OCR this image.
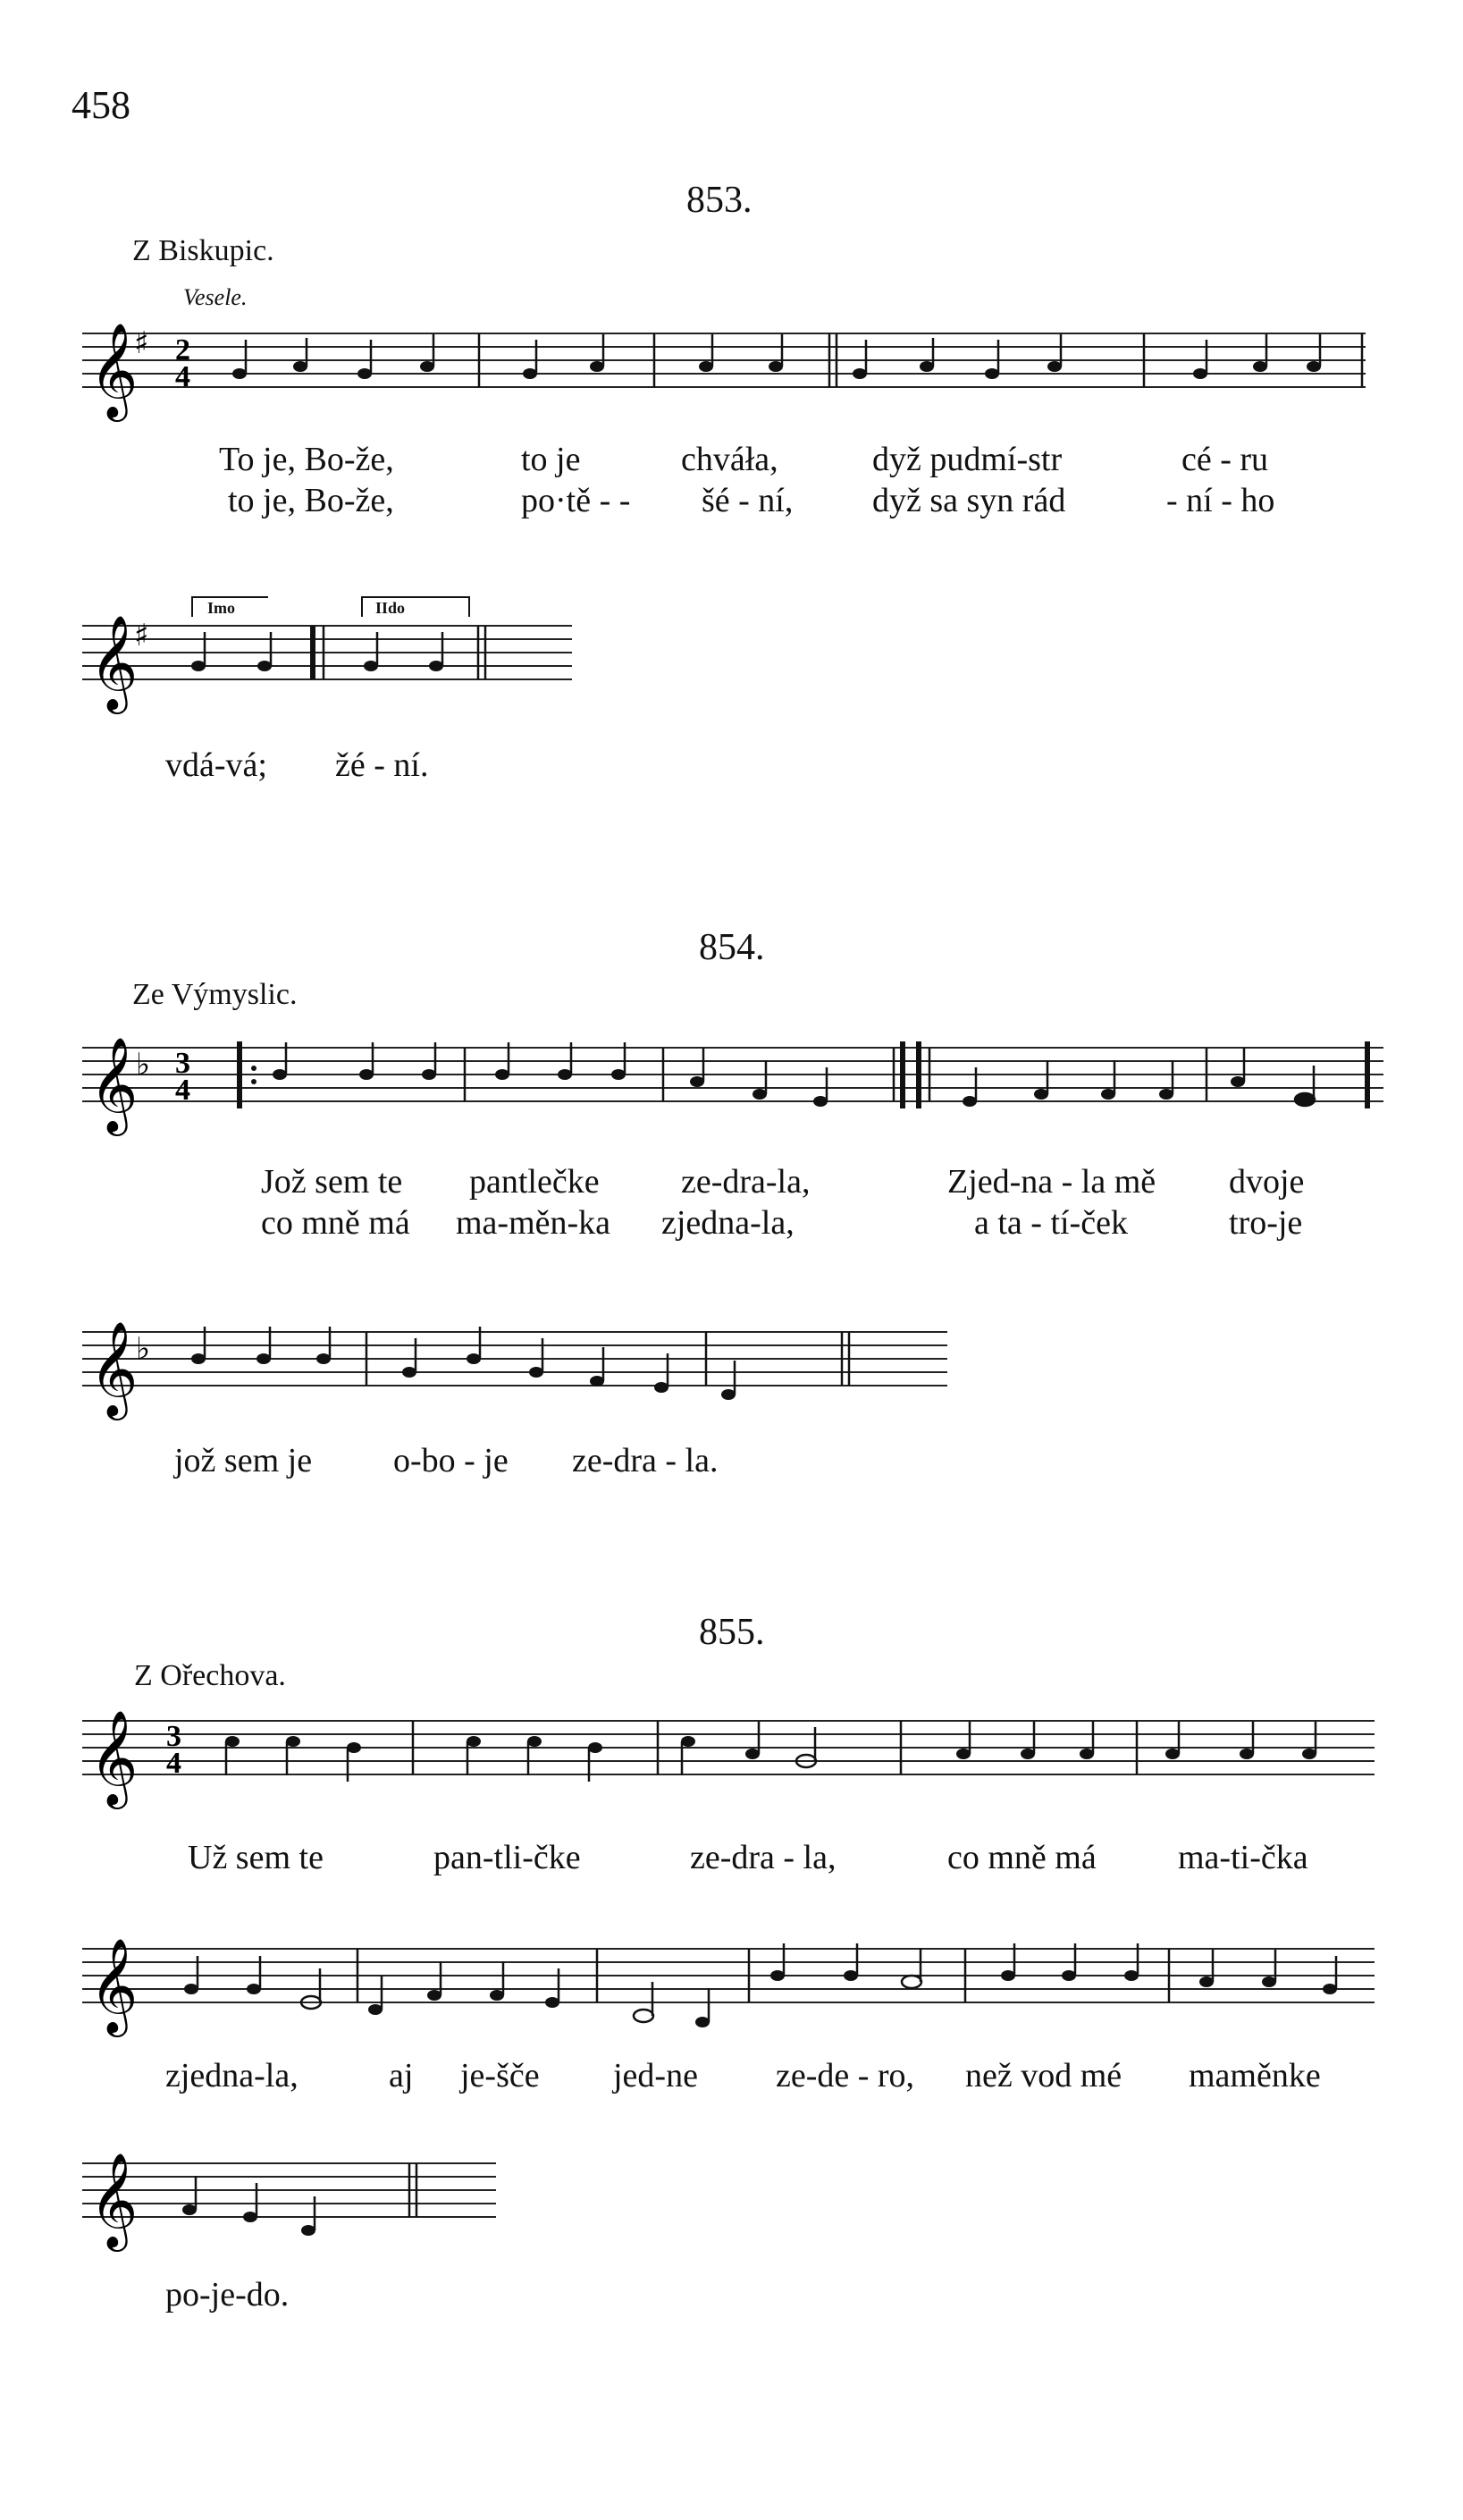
458
853.
Z Biskupic.
Vesele.
𝄞
♯ 2
4
𝄞
♯
Imo	IIdo
To je, Bo-že,
to je, Bo-že,
to je
po·tě - -
chváła,
šé - ní,
dyž pudmí-str
dyž sa syn rád
cé - ru
- ní - ho
vdá-vá; žé - ní.
854.
Ze Výmyslic.
𝄞
♭ 3
4
𝄞
♭
Jož sem te
co mně má
pantlečke
ma-měn-ka
ze-dra-la,
zjedna-la,
Zjed-na - la mě
a ta - tí-ček
dvoje
tro-je
jož sem je o-bo - je ze-dra - la.
855.
Z Ořechova.
𝄞 3
4
𝄞
𝄞
Už sem te	pan-tli-čke	ze-dra - la,	co mně má ma-ti-čka
zjedna-la,	aj je-šče jed-ne ze-de - ro, než vod mé maměnke
po-je-do.
